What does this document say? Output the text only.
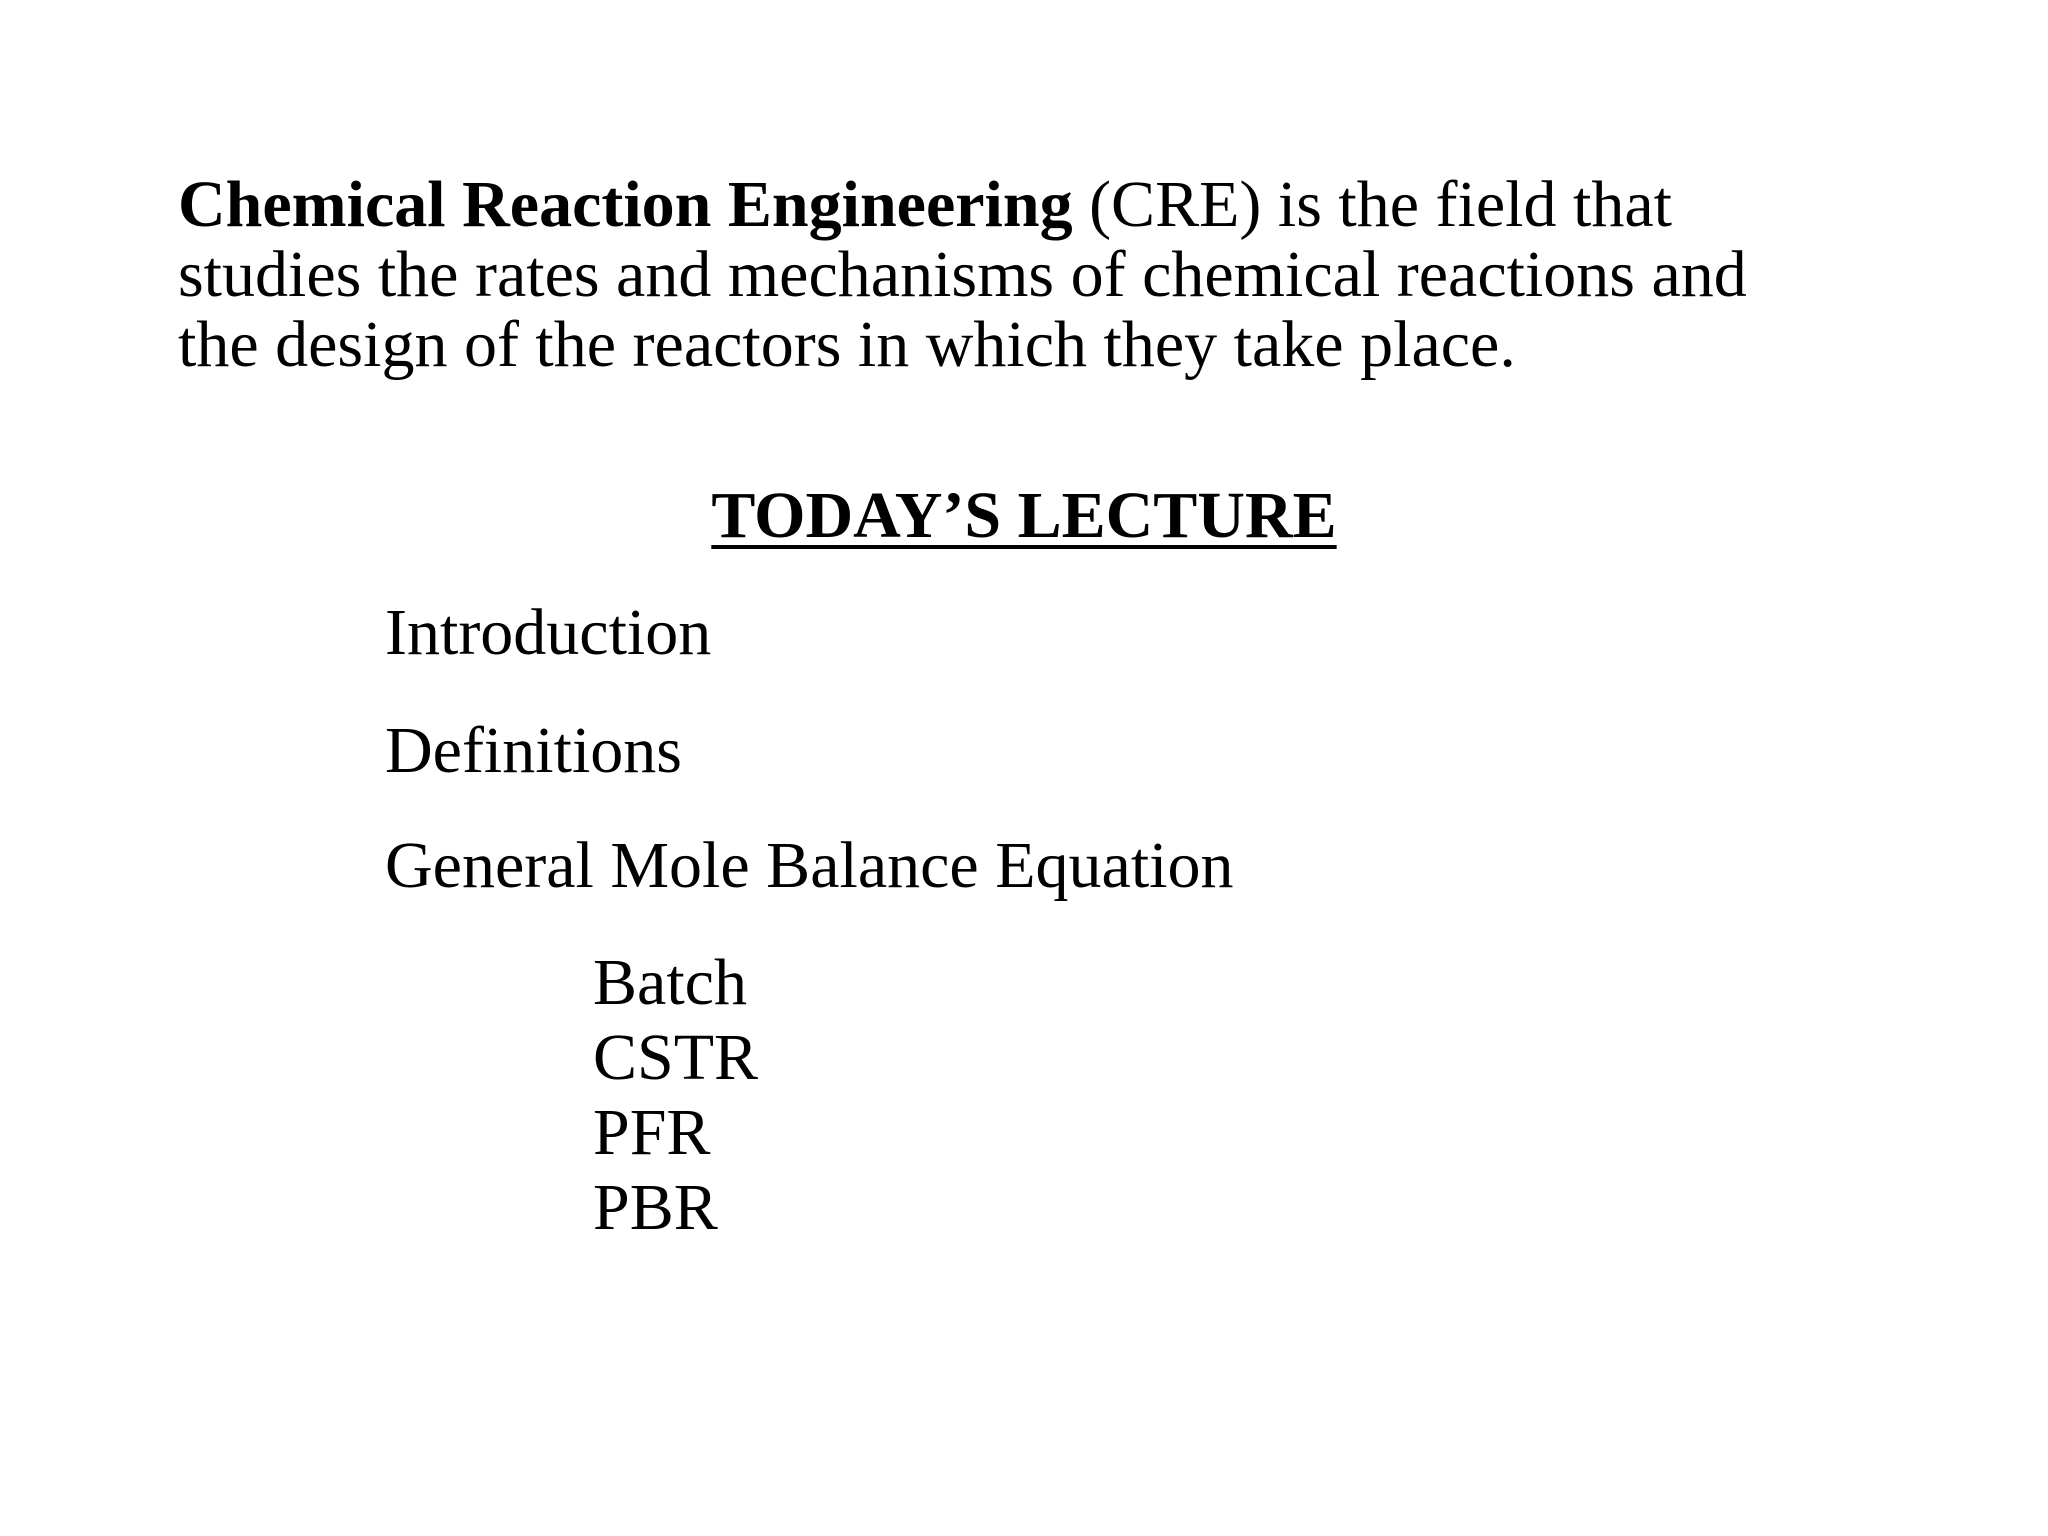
Chemical Reaction Engineering (CRE) is the field that
studies the rates and mechanisms of chemical reactions and
the design of the reactors in which they take place.

TODAY’S LECTURE

Introduction

Definitions

General Mole Balance Equation

Batch
CSTR
PFR
PBR
